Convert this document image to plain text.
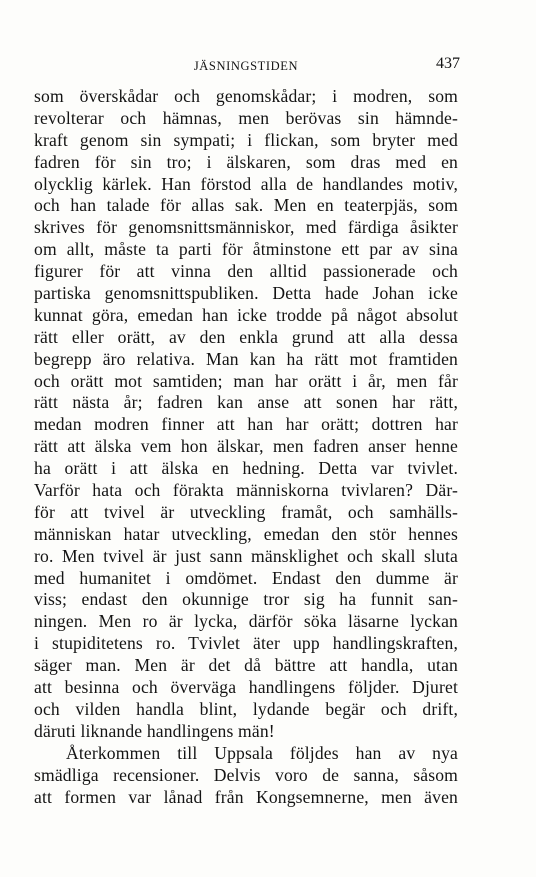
JÄSNINGSTIDEN	437
som överskådar och genomskådar; i modren, som
revolterar och hämnas, men berövas sin hämnde-
kraft genom sin sympati; i flickan, som bryter med
fadren för sin tro; i älskaren, som dras med en
olycklig kärlek. Han förstod alla de handlandes motiv,
och han talade för allas sak. Men en teaterpjäs, som
skrives för genomsnittsmänniskor, med färdiga åsikter
om allt, måste ta parti för åtminstone ett par av sina
figurer för att vinna den alltid passionerade och
partiska genomsnittspubliken. Detta hade Johan icke
kunnat göra, emedan han icke trodde på något absolut
rätt eller orätt, av den enkla grund att alla dessa
begrepp äro relativa. Man kan ha rätt mot framtiden
och orätt mot samtiden; man har orätt i år, men får
rätt nästa år; fadren kan anse att sonen har rätt,
medan modren finner att han har orätt; dottren har
rätt att älska vem hon älskar, men fadren anser henne
ha orätt i att älska en hedning. Detta var tvivlet.
Varför hata och förakta människorna tvivlaren? Där-
för att tvivel är utveckling framåt, och samhälls-
människan hatar utveckling, emedan den stör hennes
ro. Men tvivel är just sann mänsklighet och skall sluta
med humanitet i omdömet. Endast den dumme är
viss; endast den okunnige tror sig ha funnit san-
ningen. Men ro är lycka, därför söka läsarne lyckan
i stupiditetens ro. Tvivlet äter upp handlingskraften,
säger man. Men är det då bättre att handla, utan
att besinna och överväga handlingens följder. Djuret
och vilden handla blint, lydande begär och drift,
däruti liknande handlingens män!
Återkommen till Uppsala följdes han av nya
smädliga recensioner. Delvis voro de sanna, såsom
att formen var lånad från Kongsemnerne, men även
